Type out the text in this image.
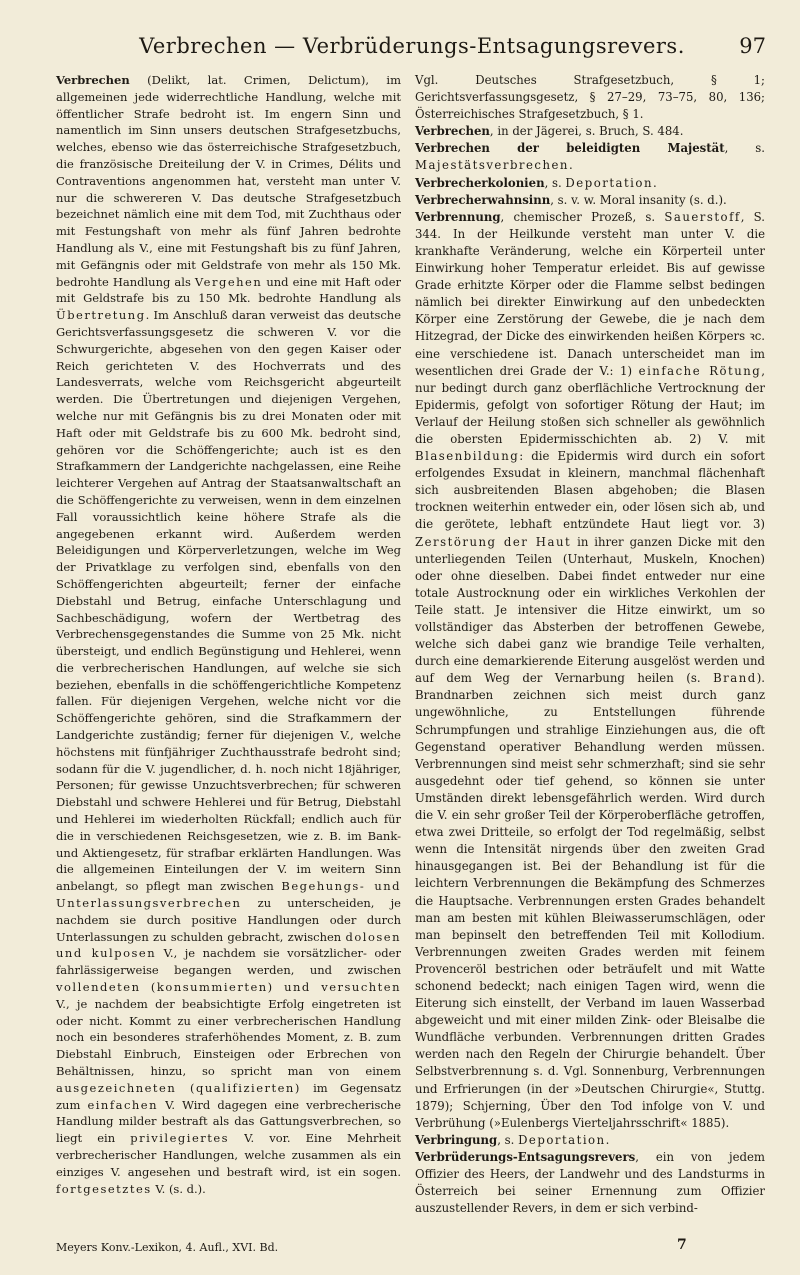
Verbrechen — Verbrüderungs-Entsagungsrevers.	97

Verbrechen (Delikt, lat. Crimen, Delictum), im allgemeinen jede widerrechtliche Handlung, welche mit öffentlicher Strafe bedroht ist. Im engern Sinn und namentlich im Sinn unsers deutschen Strafgesetzbuchs, welches, ebenso wie das österreichische Strafgesetzbuch, die französische Dreiteilung der V. in Crimes, Délits und Contraventions angenommen hat, versteht man unter V. nur die schwereren V. Das deutsche Strafgesetzbuch bezeichnet nämlich eine mit dem Tod, mit Zuchthaus oder mit Festungshaft von mehr als fünf Jahren bedrohte Handlung als V., eine mit Festungshaft bis zu fünf Jahren, mit Gefängnis oder mit Geldstrafe von mehr als 150 Mk. bedrohte Handlung als Vergehen und eine mit Haft oder mit Geldstrafe bis zu 150 Mk. bedrohte Handlung als Übertretung. Im Anschluß daran verweist das deutsche Gerichtsverfassungsgesetz die schweren V. vor die Schwurgerichte, abgesehen von den gegen Kaiser oder Reich gerichteten V. des Hochverrats und des Landesverrats, welche vom Reichsgericht abgeurteilt werden. Die Übertretungen und diejenigen Vergehen, welche nur mit Gefängnis bis zu drei Monaten oder mit Haft oder mit Geldstrafe bis zu 600 Mk. bedroht sind, gehören vor die Schöffengerichte; auch ist es den Strafkammern der Landgerichte nachgelassen, eine Reihe leichterer Vergehen auf Antrag der Staatsanwaltschaft an die Schöffengerichte zu verweisen, wenn in dem einzelnen Fall voraussichtlich keine höhere Strafe als die angegebenen erkannt wird. Außerdem werden Beleidigungen und Körperverletzungen, welche im Weg der Privatklage zu verfolgen sind, ebenfalls von den Schöffengerichten abgeurteilt; ferner der einfache Diebstahl und Betrug, einfache Unterschlagung und Sachbeschädigung, wofern der Wertbetrag des Verbrechensgegenstandes die Summe von 25 Mk. nicht übersteigt, und endlich Begünstigung und Hehlerei, wenn die verbrecherischen Handlungen, auf welche sie sich beziehen, ebenfalls in die schöffengerichtliche Kompetenz fallen. Für diejenigen Vergehen, welche nicht vor die Schöffengerichte gehören, sind die Strafkammern der Landgerichte zuständig; ferner für diejenigen V., welche höchstens mit fünfjähriger Zuchthausstrafe bedroht sind; sodann für die V. jugendlicher, d. h. noch nicht 18jähriger, Personen; für gewisse Unzuchtsverbrechen; für schweren Diebstahl und schwere Hehlerei und für Betrug, Diebstahl und Hehlerei im wiederholten Rückfall; endlich auch für die in verschiedenen Reichsgesetzen, wie z. B. im Bank- und Aktiengesetz, für strafbar erklärten Handlungen. Was die allgemeinen Einteilungen der V. im weitern Sinn anbelangt, so pflegt man zwischen Begehungs- und Unterlassungsverbrechen zu unterscheiden, je nachdem sie durch positive Handlungen oder durch Unterlassungen zu schulden gebracht, zwischen dolosen und kulposen V., je nachdem sie vorsätzlicher- oder fahrlässigerweise begangen werden, und zwischen vollendeten (konsummierten) und versuchten V., je nachdem der beabsichtigte Erfolg eingetreten ist oder nicht. Kommt zu einer verbrecherischen Handlung noch ein besonderes straferhöhendes Moment, z. B. zum Diebstahl Einbruch, Einsteigen oder Erbrechen von Behältnissen, hinzu, so spricht man von einem ausgezeichneten (qualifizierten) im Gegensatz zum einfachen V. Wird dagegen eine verbrecherische Handlung milder bestraft als das Gattungsverbrechen, so liegt ein privilegiertes V. vor. Eine Mehrheit verbrecherischer Handlungen, welche zusammen als ein einziges V. angesehen und bestraft wird, ist ein sogen. fortgesetztes V. (s. d.).

Vgl. Deutsches Strafgesetzbuch, § 1; Gerichtsverfassungsgesetz, § 27–29, 73–75, 80, 136; Österreichisches Strafgesetzbuch, § 1.

Verbrechen, in der Jägerei, s. Bruch, S. 484.

Verbrechen der beleidigten Majestät, s. Majestätsverbrechen.

Verbrecherkolonien, s. Deportation.

Verbrecherwahnsinn, s. v. w. Moral insanity (s. d.).

Verbrennung, chemischer Prozeß, s. Sauerstoff, S. 344. In der Heilkunde versteht man unter V. die krankhafte Veränderung, welche ein Körperteil unter Einwirkung hoher Temperatur erleidet. Bis auf gewisse Grade erhitzte Körper oder die Flamme selbst bedingen nämlich bei direkter Einwirkung auf den unbedeckten Körper eine Zerstörung der Gewebe, die je nach dem Hitzegrad, der Dicke des einwirkenden heißen Körpers ꝛc. eine verschiedene ist. Danach unterscheidet man im wesentlichen drei Grade der V.: 1) einfache Rötung, nur bedingt durch ganz oberflächliche Vertrocknung der Epidermis, gefolgt von sofortiger Rötung der Haut; im Verlauf der Heilung stoßen sich schneller als gewöhnlich die obersten Epidermisschichten ab. 2) V. mit Blasenbildung: die Epidermis wird durch ein sofort erfolgendes Exsudat in kleinern, manchmal flächenhaft sich ausbreitenden Blasen abgehoben; die Blasen trocknen weiterhin entweder ein, oder lösen sich ab, und die gerötete, lebhaft entzündete Haut liegt vor. 3) Zerstörung der Haut in ihrer ganzen Dicke mit den unterliegenden Teilen (Unterhaut, Muskeln, Knochen) oder ohne dieselben. Dabei findet entweder nur eine totale Austrocknung oder ein wirkliches Verkohlen der Teile statt. Je intensiver die Hitze einwirkt, um so vollständiger das Absterben der betroffenen Gewebe, welche sich dabei ganz wie brandige Teile verhalten, durch eine demarkierende Eiterung ausgelöst werden und auf dem Weg der Vernarbung heilen (s. Brand). Brandnarben zeichnen sich meist durch ganz ungewöhnliche, zu Entstellungen führende Schrumpfungen und strahlige Einziehungen aus, die oft Gegenstand operativer Behandlung werden müssen. Verbrennungen sind meist sehr schmerzhaft; sind sie sehr ausgedehnt oder tief gehend, so können sie unter Umständen direkt lebensgefährlich werden. Wird durch die V. ein sehr großer Teil der Körperoberfläche getroffen, etwa zwei Dritteile, so erfolgt der Tod regelmäßig, selbst wenn die Intensität nirgends über den zweiten Grad hinausgegangen ist. Bei der Behandlung ist für die leichtern Verbrennungen die Bekämpfung des Schmerzes die Hauptsache. Verbrennungen ersten Grades behandelt man am besten mit kühlen Bleiwasserumschlägen, oder man bepinselt den betreffenden Teil mit Kollodium. Verbrennungen zweiten Grades werden mit feinem Provenceröl bestrichen oder beträufelt und mit Watte schonend bedeckt; nach einigen Tagen wird, wenn die Eiterung sich einstellt, der Verband im lauen Wasserbad abgeweicht und mit einer milden Zink- oder Bleisalbe die Wundfläche verbunden. Verbrennungen dritten Grades werden nach den Regeln der Chirurgie behandelt. Über Selbstverbrennung s. d. Vgl. Sonnenburg, Verbrennungen und Erfrierungen (in der »Deutschen Chirurgie«, Stuttg. 1879); Schjerning, Über den Tod infolge von V. und Verbrühung (»Eulenbergs Vierteljahrsschrift« 1885).

Verbringung, s. Deportation.

Verbrüderungs-Entsagungsrevers, ein von jedem Offizier des Heers, der Landwehr und des Landsturms in Österreich bei seiner Ernennung zum Offizier auszustellender Revers, in dem er sich verbind-

Meyers Konv.-Lexikon, 4. Aufl., XVI. Bd.	7
